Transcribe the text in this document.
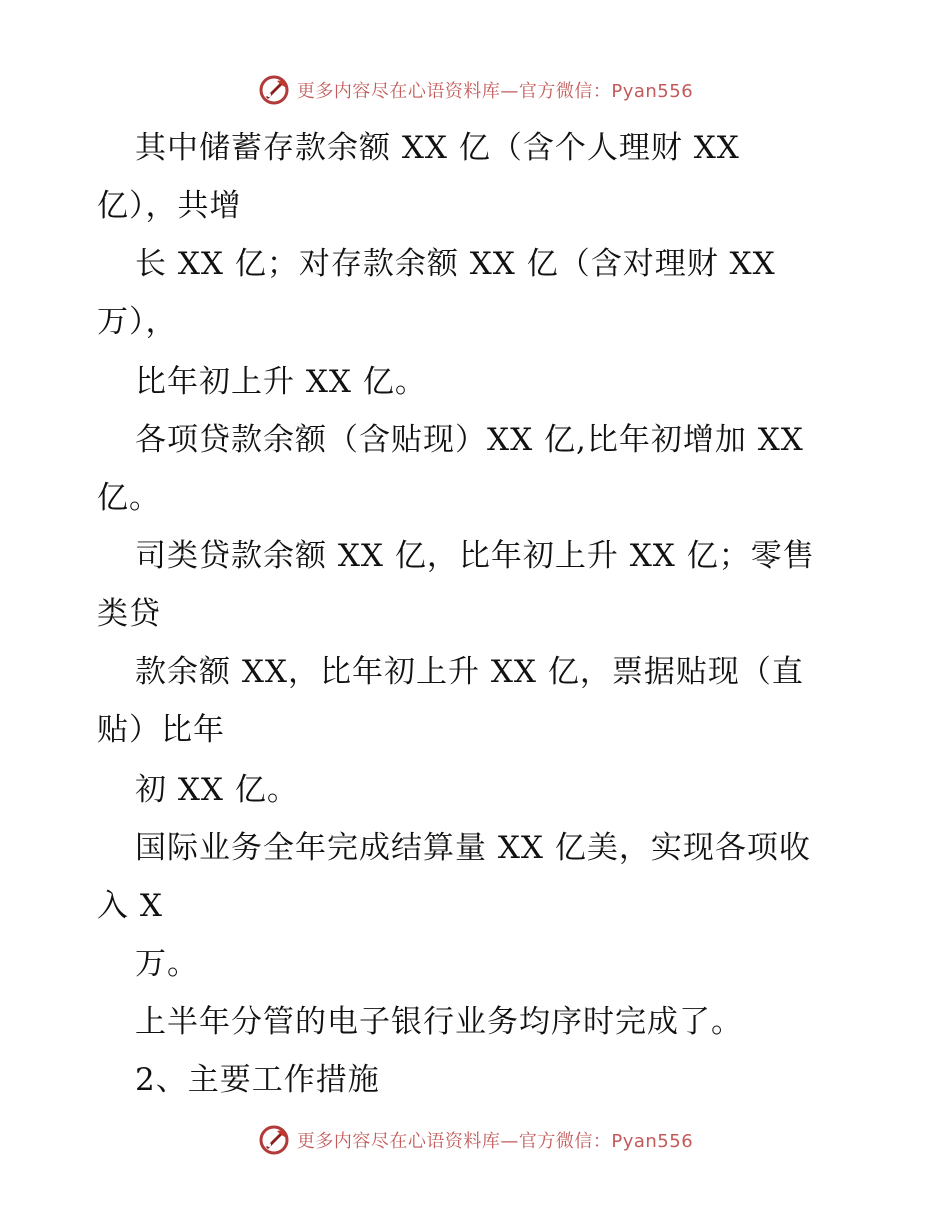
更多内容尽在心语资料库—官方微信：Pyan556
其中储蓄存款余额 XX 亿（含个人理财 XX
亿），共增
长 XX 亿；对存款余额 XX 亿（含对理财 XX
万），
比年初上升 XX 亿。
各项贷款余额（含贴现）XX 亿,比年初增加 XX
亿。
司类贷款余额 XX 亿，比年初上升 XX 亿；零售
类贷
款余额 XX，比年初上升 XX 亿，票据贴现（直
贴）比年
初 XX 亿。
国际业务全年完成结算量 XX 亿美，实现各项收
入 X
万。
上半年分管的电子银行业务均序时完成了。
2、主要工作措施
更多内容尽在心语资料库—官方微信：Pyan556
